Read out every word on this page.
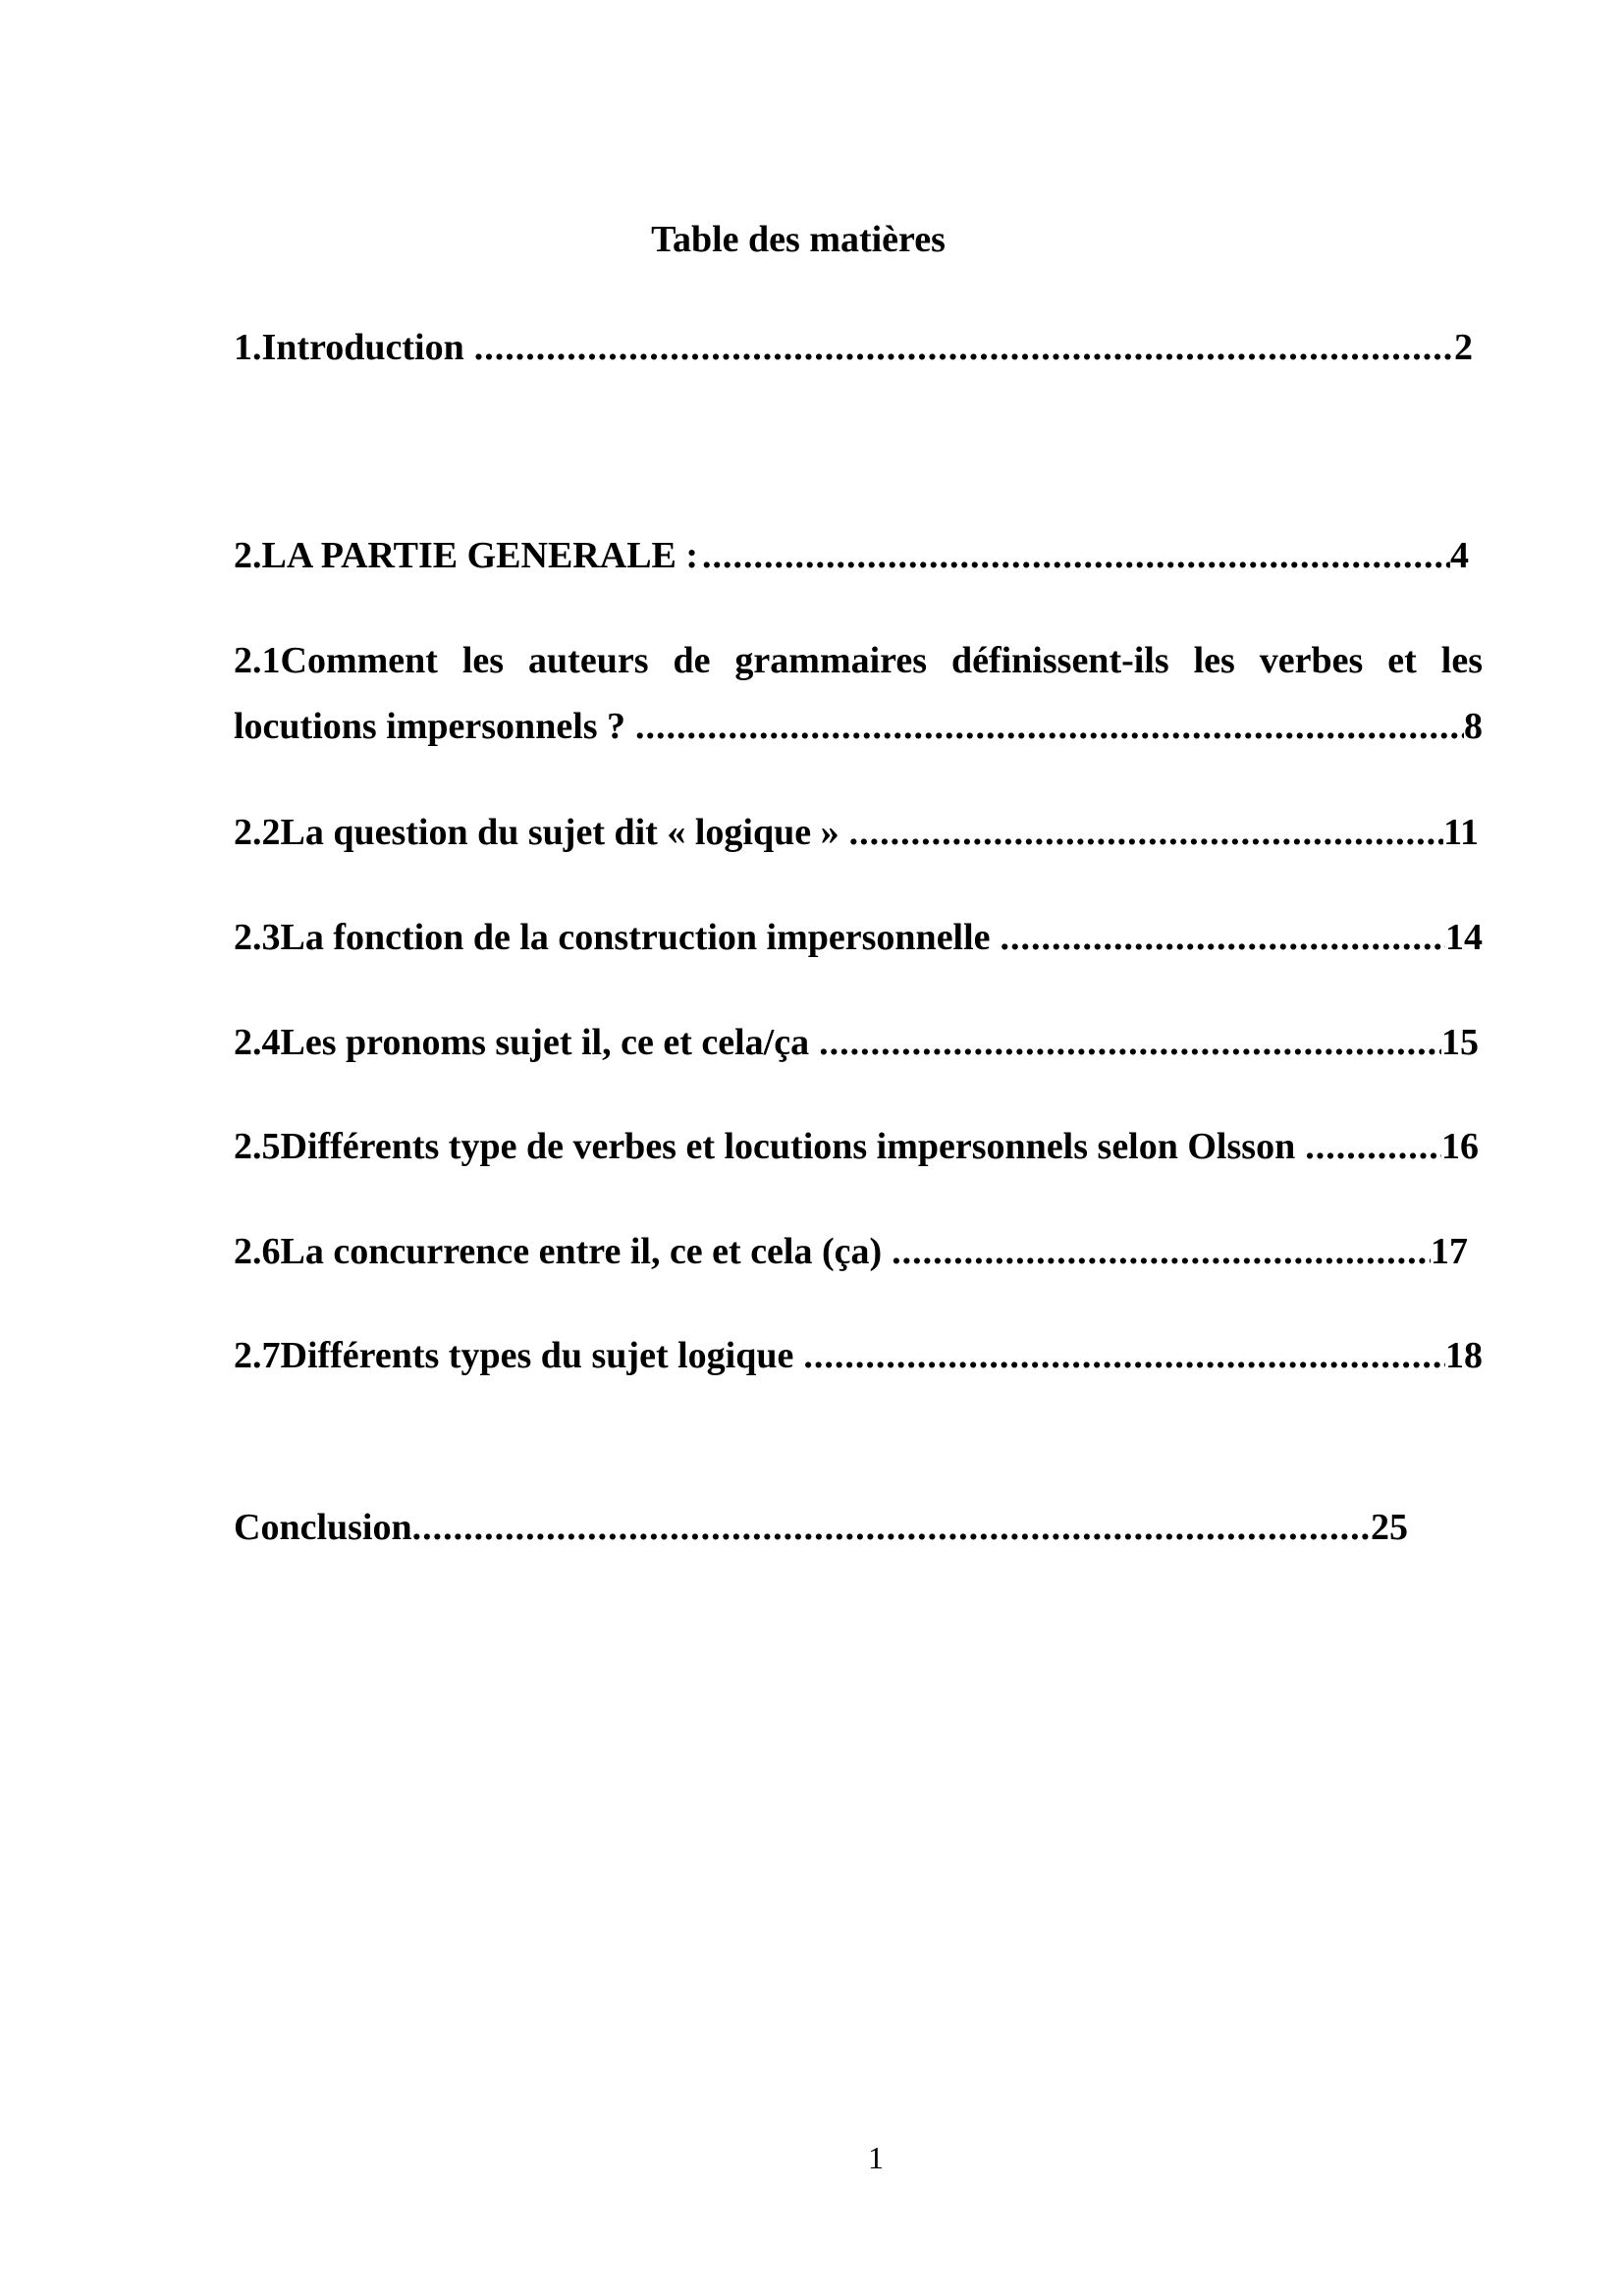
Table des matières
1.Introduction .....	2
2.LA PARTIE GENERALE : .....	4
2.1Comment les auteurs de grammaires définissent-ils les verbes et les
locutions impersonnels ? .....	8
2.2La question du sujet dit « logique » .....	11
2.3La fonction de la construction impersonnelle .....	14
2.4Les pronoms sujet il, ce et cela/ça .....	15
2.5Différents type de verbes et locutions impersonnels selon Olsson .....	16
2.6La concurrence entre il, ce et cela (ça) .....	17
2.7Différents types du sujet logique .....	18
Conclusion .....	25
1
